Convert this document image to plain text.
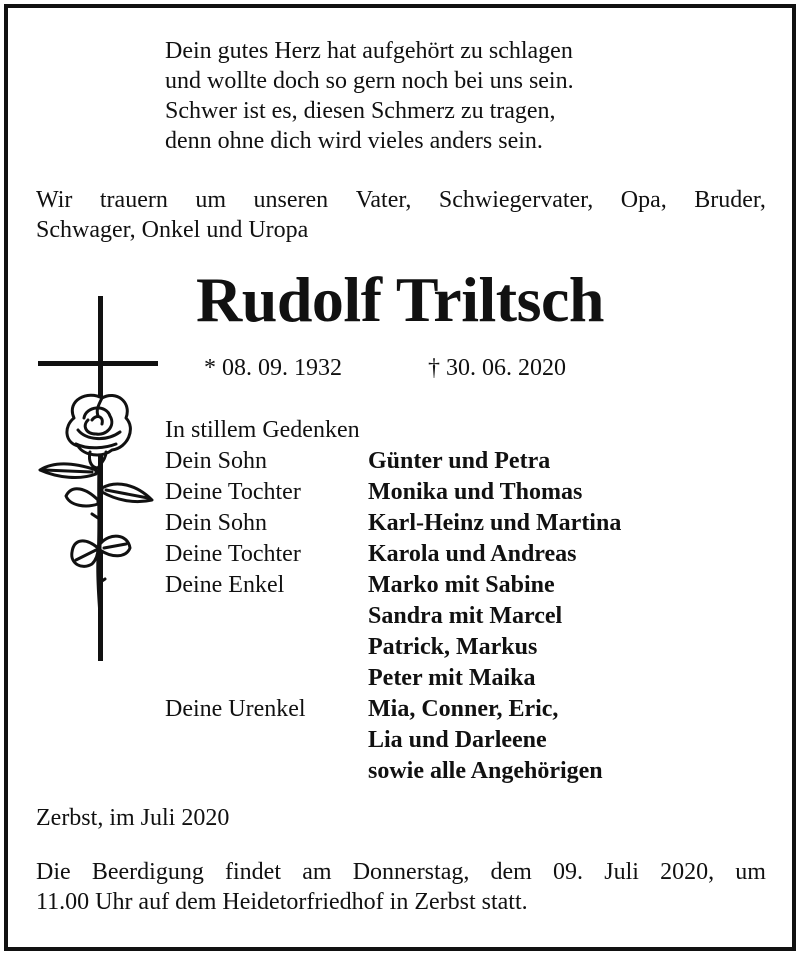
Dein gutes Herz hat aufgehört zu schlagen
und wollte doch so gern noch bei uns sein.
Schwer ist es, diesen Schmerz zu tragen,
denn ohne dich wird vieles anders sein.
Wir trauern um unseren Vater, Schwiegervater, Opa, Bruder,
Schwager, Onkel und Uropa
Rudolf Triltsch
* 08. 09. 1932	† 30. 06. 2020
In stillem Gedenken
Dein Sohn	Günter und Petra
Deine Tochter	Monika und Thomas
Dein Sohn	Karl-Heinz und Martina
Deine Tochter	Karola und Andreas
Deine Enkel	Marko mit Sabine
Sandra mit Marcel
Patrick, Markus
Peter mit Maika
Deine Urenkel	Mia, Conner, Eric,
Lia und Darleene
sowie alle Angehörigen
Zerbst, im Juli 2020
Die Beerdigung findet am Donnerstag, dem 09. Juli 2020, um
11.00 Uhr auf dem Heidetorfriedhof in Zerbst statt.
